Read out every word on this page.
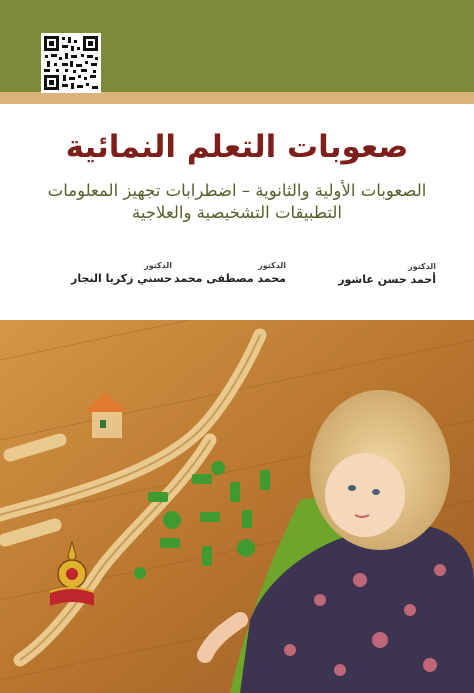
صعوبات التعلم النمائية
الصعوبات الأولية والثانوية – اضطرابات تجهيز المعلومات
التطبيقات التشخيصية والعلاجية
الدكتور
أحمد حسن عاشور
الدكتور
محمد مصطفى محمد
الدكتور
حسني زكريا النجار
